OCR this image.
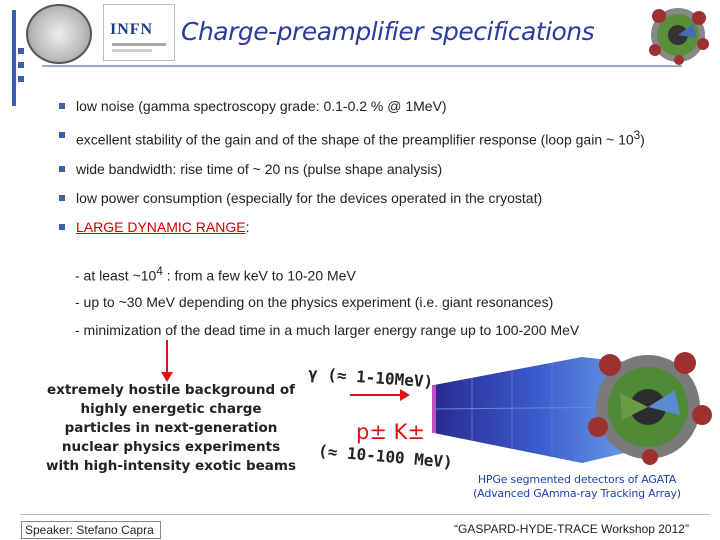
INFN Charge-preamplifier specifications
low noise (gamma spectroscopy grade: 0.1-0.2 % @ 1MeV)
excellent stability of the gain and of the shape of the preamplifier response (loop gain ~ $10^3$)
wide bandwidth: rise time of ~ 20 ns (pulse shape analysis)
low power consumption (especially for the devices operated in the cryostat)
LARGE DYNAMIC RANGE:
- at least $\sim 10^4$ : from a few keV to 10-20 MeV
- up to ~30 MeV depending on the physics experiment (i.e. giant resonances)
- minimization of the dead time in a much larger energy range up to 100-200 MeV
extremely hostile background of highly energetic charge particles in next-generation nuclear physics experiments with high-intensity exotic beams
γ (≈ 1-10MeV)
p± K±
(≈ 10-100 MeV)
HPGe segmented detectors of AGATA
(Advanced GAmma-ray Tracking Array)
Speaker: Stefano Capra	“GASPARD-HYDE-TRACE Workshop 2012”
